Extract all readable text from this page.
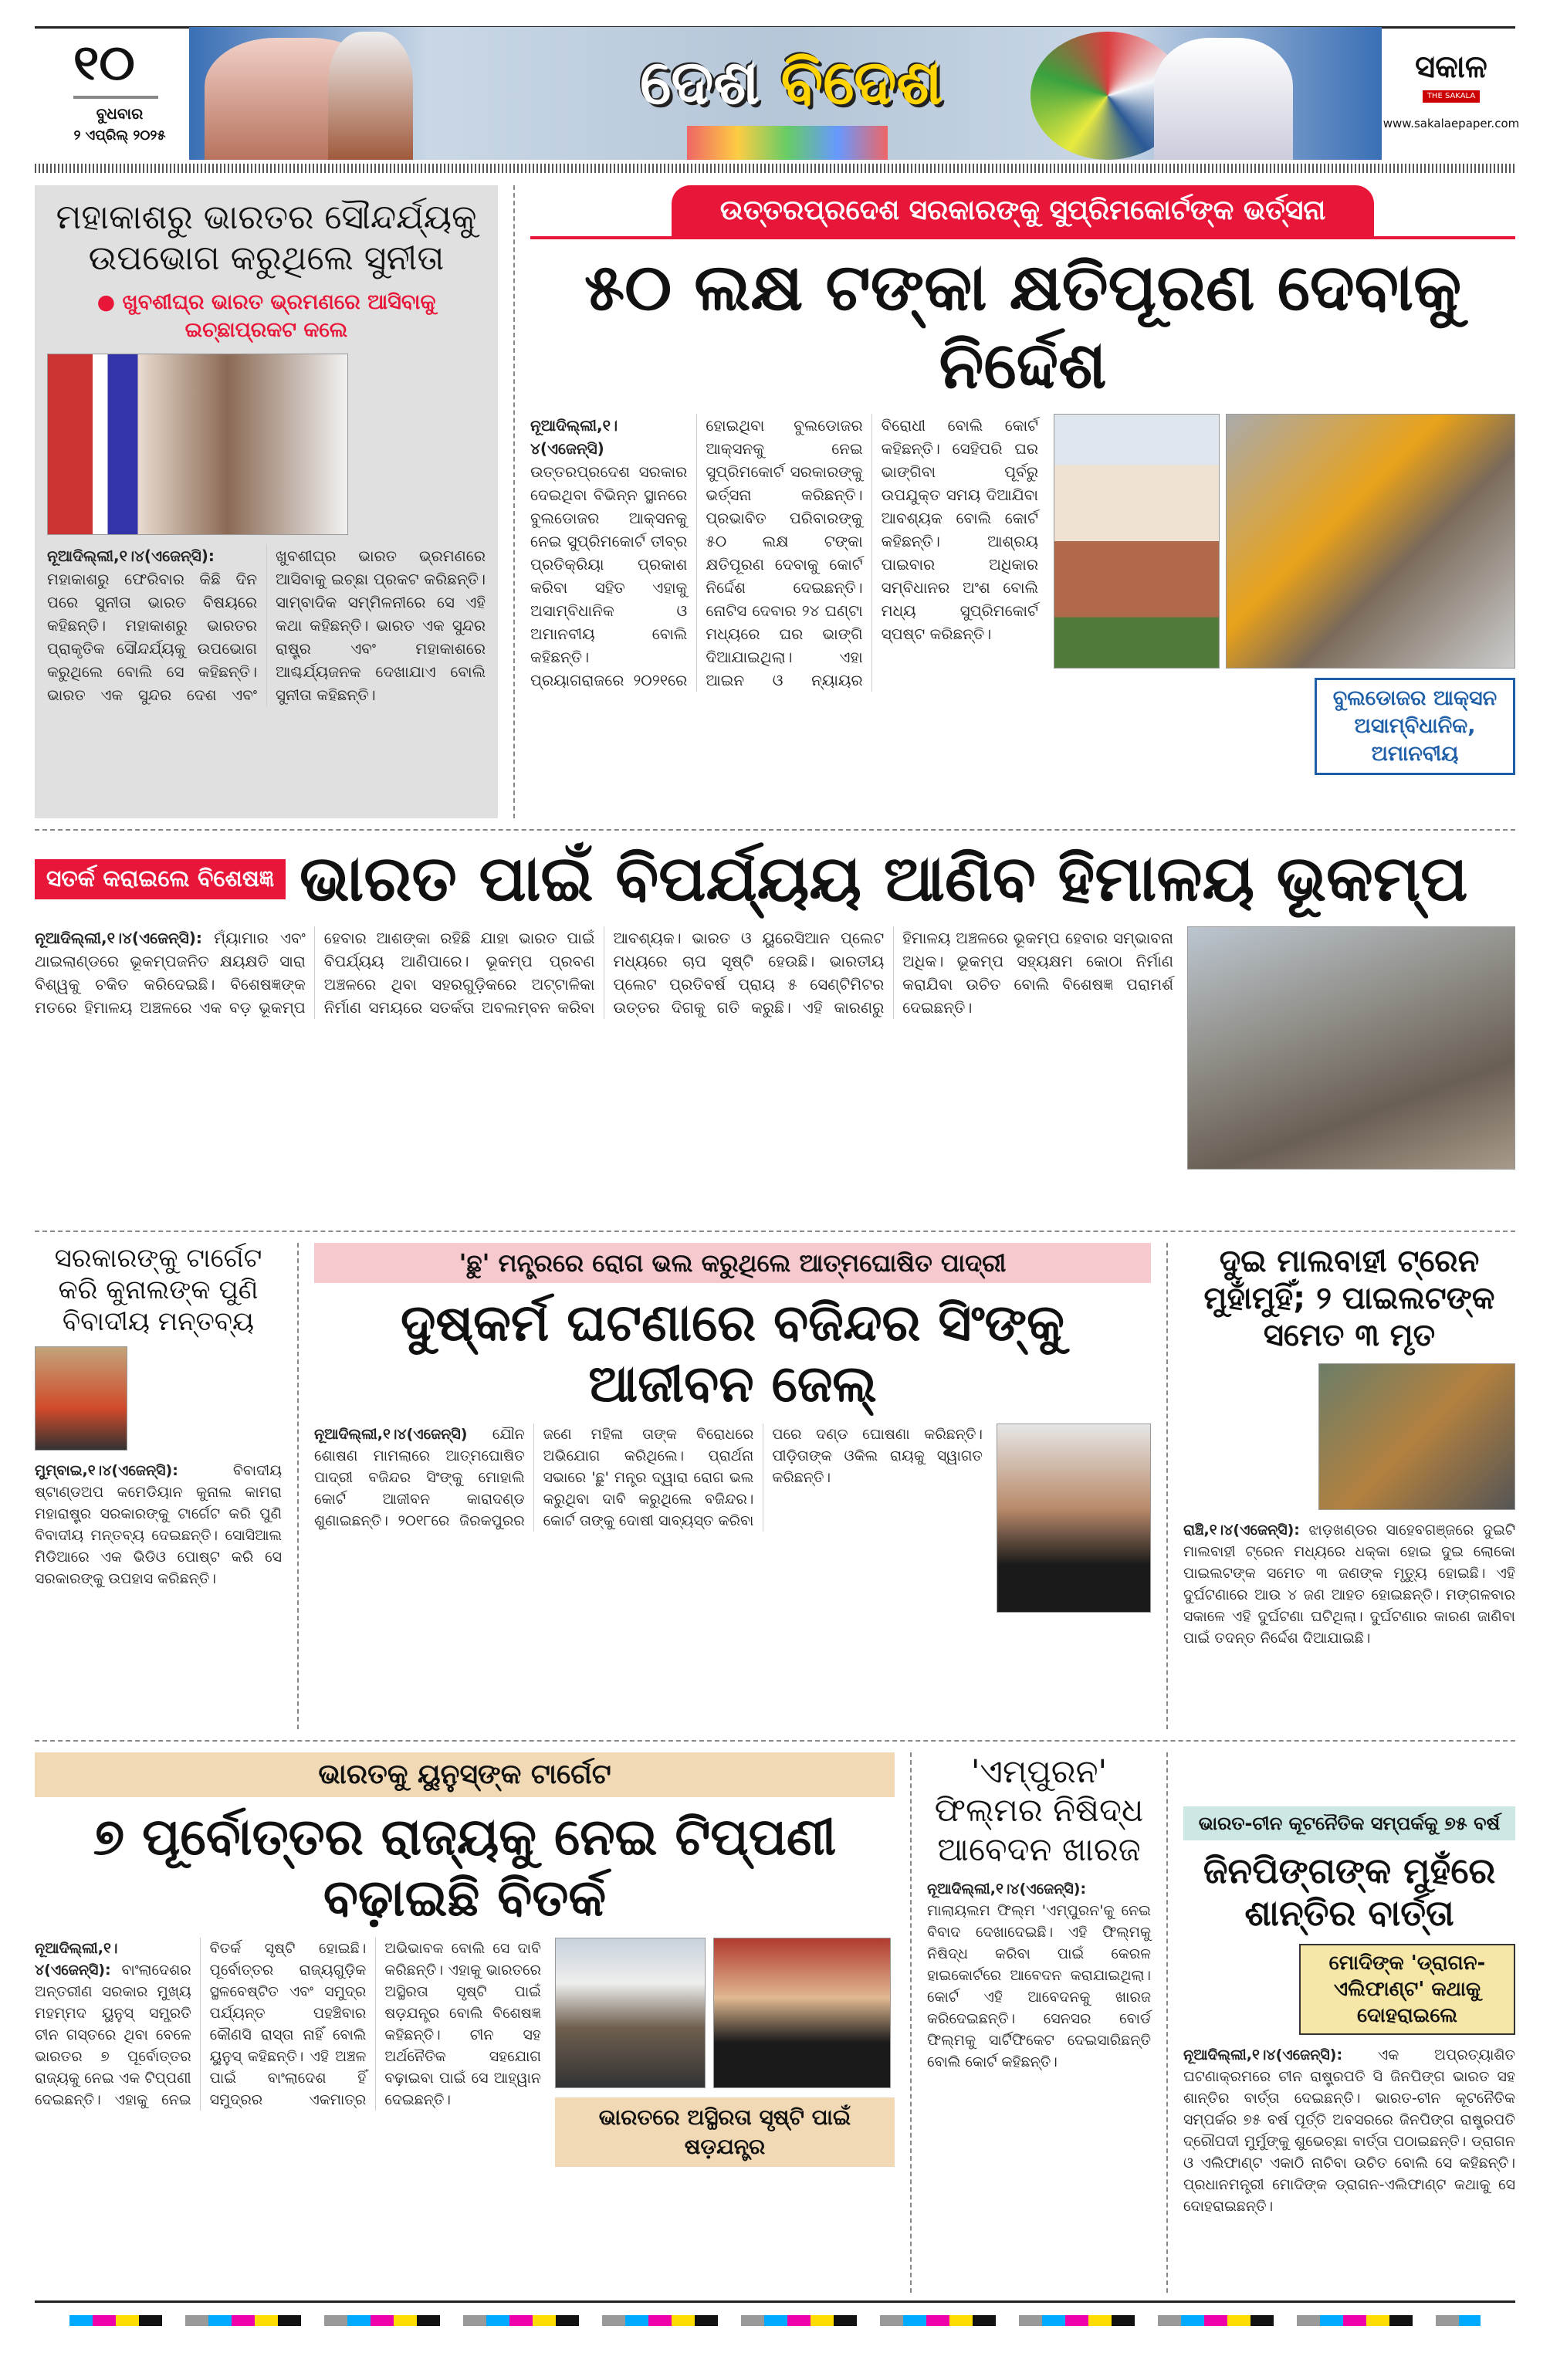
୧୦
ବୁଧବାର
୨ ଏପ୍ରିଲ୍ ୨୦୨୫
ଦେଶ ବିଦେଶ	ସକାଳ
THE SAKALA
www.sakalaepaper.com
ମହାକାଶରୁ ଭାରତର ସୌନ୍ଦର୍ଯ୍ୟକୁ ଉପଭୋଗ କରୁଥିଲେ ସୁନୀତା
● ଖୁବଶୀଘ୍ର ଭାରତ ଭ୍ରମଣରେ ଆସିବାକୁ ଇଚ୍ଛାପ୍ରକଟ କଲେ
ନୂଆଦିଲ୍ଲୀ,୧।୪(ଏଜେନ୍ସି): ମହାକାଶରୁ ଫେରିବାର କିଛି ଦିନ ପରେ ସୁନୀତା ଭାରତ ବିଷୟରେ କହିଛନ୍ତି। ମହାକାଶରୁ ଭାରତର ପ୍ରାକୃତିକ ସୌନ୍ଦର୍ଯ୍ୟକୁ ଉପଭୋଗ କରୁଥିଲେ ବୋଲି ସେ କହିଛନ୍ତି। ଭାରତ ଏକ ସୁନ୍ଦର ଦେଶ ଏବଂ ଖୁବଶୀଘ୍ର ଭାରତ ଭ୍ରମଣରେ ଆସିବାକୁ ଇଚ୍ଛା ପ୍ରକଟ କରିଛନ୍ତି। ସାମ୍ବାଦିକ ସମ୍ମିଳନୀରେ ସେ ଏହି କଥା କହିଛନ୍ତି। ଭାରତ ଏକ ସୁନ୍ଦର ରାଷ୍ଟ୍ର ଏବଂ ମହାକାଶରେ ଆଶ୍ଚର୍ଯ୍ୟଜନକ ଦେଖାଯାଏ ବୋଲି ସୁନୀତା କହିଛନ୍ତି।
ଉତ୍ତରପ୍ରଦେଶ ସରକାରଙ୍କୁ ସୁପ୍ରିମକୋର୍ଟଙ୍କ ଭର୍ତ୍ସନା
୫୦ ଲକ୍ଷ ଟଙ୍କା କ୍ଷତିପୂରଣ ଦେବାକୁ ନିର୍ଦ୍ଦେଶ
ନୂଆଦିଲ୍ଲୀ,୧।୪(ଏଜେନ୍ସି) ଉତ୍ତରପ୍ରଦେଶ ସରକାର ଦେଇଥିବା ବିଭିନ୍ନ ସ୍ଥାନରେ ବୁଲଡୋଜର ଆକ୍ସନକୁ ନେଇ ସୁପ୍ରିମକୋର୍ଟ ତୀବ୍ର ପ୍ରତିକ୍ରିୟା ପ୍ରକାଶ କରିବା ସହିତ ଏହାକୁ ଅସାମ୍ବିଧାନିକ ଓ ଅମାନବୀୟ ବୋଲି କହିଛନ୍ତି। ପ୍ରୟାଗରାଜରେ ୨୦୨୧ରେ ହୋଇଥିବା ବୁଲଡୋଜର ଆକ୍ସନକୁ ନେଇ ସୁପ୍ରିମକୋର୍ଟ ସରକାରଙ୍କୁ ଭର୍ତ୍ସନା କରିଛନ୍ତି। ପ୍ରଭାବିତ ପରିବାରଙ୍କୁ ୫୦ ଲକ୍ଷ ଟଙ୍କା କ୍ଷତିପୂରଣ ଦେବାକୁ କୋର୍ଟ ନିର୍ଦ୍ଦେଶ ଦେଇଛନ୍ତି। ନୋଟିସ ଦେବାର ୨୪ ଘଣ୍ଟା ମଧ୍ୟରେ ଘର ଭାଙ୍ଗି ଦିଆଯାଇଥିଲା। ଏହା ଆଇନ ଓ ନ୍ୟାୟର ବିରୋଧୀ ବୋଲି କୋର୍ଟ କହିଛନ୍ତି। ସେହିପରି ଘର ଭାଙ୍ଗିବା ପୂର୍ବରୁ ଉପଯୁକ୍ତ ସମୟ ଦିଆଯିବା ଆବଶ୍ୟକ ବୋଲି କୋର୍ଟ କହିଛନ୍ତି। ଆଶ୍ରୟ ପାଇବାର ଅଧିକାର ସମ୍ବିଧାନର ଅଂଶ ବୋଲି ମଧ୍ୟ ସୁପ୍ରିମକୋର୍ଟ ସ୍ପଷ୍ଟ କରିଛନ୍ତି।
ବୁଲଡୋଜର ଆକ୍ସନ ଅସାମ୍ବିଧାନିକ, ଅମାନବୀୟ
ସତର୍କ କରାଇଲେ ବିଶେଷଜ୍ଞ ଭାରତ ପାଇଁ ବିପର୍ଯ୍ୟୟ ଆଣିବ ହିମାଳୟ ଭୂକମ୍ପ
ନୂଆଦିଲ୍ଲୀ,୧।୪(ଏଜେନ୍ସି): ମ୍ୟାଁମାର ଏବଂ ଥାଇଲାଣ୍ଡରେ ଭୂକମ୍ପଜନିତ କ୍ଷୟକ୍ଷତି ସାରା ବିଶ୍ୱକୁ ଚକିତ କରିଦେଇଛି। ବିଶେଷଜ୍ଞଙ୍କ ମତରେ ହିମାଳୟ ଅଞ୍ଚଳରେ ଏକ ବଡ଼ ଭୂକମ୍ପ ହେବାର ଆଶଙ୍କା ରହିଛି ଯାହା ଭାରତ ପାଇଁ ବିପର୍ଯ୍ୟୟ ଆଣିପାରେ। ଭୂକମ୍ପ ପ୍ରବଣ ଅଞ୍ଚଳରେ ଥିବା ସହରଗୁଡ଼ିକରେ ଅଟ୍ଟାଳିକା ନିର୍ମାଣ ସମୟରେ ସତର୍କତା ଅବଲମ୍ବନ କରିବା ଆବଶ୍ୟକ। ଭାରତ ଓ ୟୁରେସିଆନ ପ୍ଲେଟ ମଧ୍ୟରେ ଚାପ ସୃଷ୍ଟି ହେଉଛି। ଭାରତୀୟ ପ୍ଲେଟ ପ୍ରତିବର୍ଷ ପ୍ରାୟ ୫ ସେଣ୍ଟିମିଟର ଉତ୍ତର ଦିଗକୁ ଗତି କରୁଛି। ଏହି କାରଣରୁ ହିମାଳୟ ଅଞ୍ଚଳରେ ଭୂକମ୍ପ ହେବାର ସମ୍ଭାବନା ଅଧିକ। ଭୂକମ୍ପ ସହ୍ୟକ୍ଷମ କୋଠା ନିର୍ମାଣ କରାଯିବା ଉଚିତ ବୋଲି ବିଶେଷଜ୍ଞ ପରାମର୍ଶ ଦେଇଛନ୍ତି।
ସରକାରଙ୍କୁ ଟାର୍ଗେଟ କରି କୁନାଲଙ୍କ ପୁଣି ବିବାଦୀୟ ମନ୍ତବ୍ୟ
ମୁମ୍ବାଇ,୧।୪(ଏଜେନ୍ସି):	ବିବାଦୀୟ ଷ୍ଟାଣ୍ଡଅପ କମେଡିୟାନ କୁନାଲ କାମରା ମହାରାଷ୍ଟ୍ର ସରକାରଙ୍କୁ ଟାର୍ଗେଟ କରି ପୁଣି ବିବାଦୀୟ ମନ୍ତବ୍ୟ ଦେଇଛନ୍ତି। ସୋସିଆଲ ମିଡିଆରେ ଏକ ଭିଡିଓ ପୋଷ୍ଟ କରି ସେ ସରକାରଙ୍କୁ ଉପହାସ କରିଛନ୍ତି।
'ଛୁ' ମନ୍ତ୍ରରେ ରୋଗ ଭଲ କରୁଥିଲେ ଆତ୍ମଘୋଷିତ ପାଦ୍ରୀ
ଦୁଷ୍କର୍ମ ଘଟଣାରେ ବଜିନ୍ଦର ସିଂଙ୍କୁ ଆଜୀବନ ଜେଲ୍
ନୂଆଦିଲ୍ଲୀ,୧।୪(ଏଜେନ୍ସି) ଯୌନ ଶୋଷଣ ମାମଲାରେ ଆତ୍ମଘୋଷିତ ପାଦ୍ରୀ ବଜିନ୍ଦର ସିଂଙ୍କୁ ମୋହାଲି କୋର୍ଟ ଆଜୀବନ କାରାଦଣ୍ଡ ଶୁଣାଇଛନ୍ତି। ୨୦୧୮ରେ ଜିରକପୁରର ଜଣେ ମହିଳା ତାଙ୍କ ବିରୋଧରେ ଅଭିଯୋଗ କରିଥିଲେ। ପ୍ରାର୍ଥନା ସଭାରେ 'ଛୁ' ମନ୍ତ୍ର ଦ୍ୱାରା ରୋଗ ଭଲ କରୁଥିବା ଦାବି କରୁଥିଲେ ବଜିନ୍ଦର। କୋର୍ଟ ତାଙ୍କୁ ଦୋଷୀ ସାବ୍ୟସ୍ତ କରିବା ପରେ ଦଣ୍ଡ ଘୋଷଣା କରିଛନ୍ତି। ପୀଡ଼ିତାଙ୍କ ଓକିଲ ରାୟକୁ ସ୍ୱାଗତ କରିଛନ୍ତି।
ଦୁଇ ମାଲବାହୀ ଟ୍ରେନ ମୁହାଁମୁହିଁ; ୨ ପାଇଲଟଙ୍କ ସମେତ ୩ ମୃତ
ରାଞ୍ଚି,୧।୪(ଏଜେନ୍ସି): ଝାଡ଼ଖଣ୍ଡର ସାହେବଗଞ୍ଜରେ ଦୁଇଟି ମାଲବାହୀ ଟ୍ରେନ ମଧ୍ୟରେ ଧକ୍କା ହୋଇ ଦୁଇ ଲୋକୋ ପାଇଲଟଙ୍କ ସମେତ ୩ ଜଣଙ୍କ ମୃତ୍ୟୁ ହୋଇଛି। ଏହି ଦୁର୍ଘଟଣାରେ ଆଉ ୪ ଜଣ ଆହତ ହୋଇଛନ୍ତି। ମଙ୍ଗଳବାର ସକାଳେ ଏହି ଦୁର୍ଘଟଣା ଘଟିଥିଲା। ଦୁର୍ଘଟଣାର କାରଣ ଜାଣିବା ପାଇଁ ତଦନ୍ତ ନିର୍ଦ୍ଦେଶ ଦିଆଯାଇଛି।
ଭାରତକୁ ୟୁନୁସ୍‌ଙ୍କ ଟାର୍ଗେଟ
୭ ପୂର୍ବୋତ୍ତର ରାଜ୍ୟକୁ ନେଇ ଟିପ୍ପଣୀ ବଢ଼ାଇଛି ବିତର୍କ
ନୂଆଦିଲ୍ଲୀ,୧।୪(ଏଜେନ୍ସି): ବାଂଲାଦେଶର ଅନ୍ତରୀଣ ସରକାର ମୁଖ୍ୟ ମହମ୍ମଦ ୟୁନୁସ୍ ସମ୍ପ୍ରତି ଚୀନ ଗସ୍ତରେ ଥିବା ବେଳେ ଭାରତର ୭ ପୂର୍ବୋତ୍ତର ରାଜ୍ୟକୁ ନେଇ ଏକ ଟିପ୍ପଣୀ ଦେଇଛନ୍ତି। ଏହାକୁ ନେଇ ବିତର୍କ ସୃଷ୍ଟି ହୋଇଛି। ପୂର୍ବୋତ୍ତର ରାଜ୍ୟଗୁଡ଼ିକ ସ୍ଥଳବେଷ୍ଟିତ ଏବଂ ସମୁଦ୍ର ପର୍ଯ୍ୟନ୍ତ ପହଞ୍ଚିବାର କୌଣସି ରାସ୍ତା ନାହିଁ ବୋଲି ୟୁନୁସ୍ କହିଛନ୍ତି। ଏହି ଅଞ୍ଚଳ ପାଇଁ ବାଂଲାଦେଶ ହିଁ ସମୁଦ୍ରର ଏକମାତ୍ର ଅଭିଭାବକ ବୋଲି ସେ ଦାବି କରିଛନ୍ତି। ଏହାକୁ ଭାରତରେ ଅସ୍ଥିରତା ସୃଷ୍ଟି ପାଇଁ ଷଡ଼ଯନ୍ତ୍ର ବୋଲି ବିଶେଷଜ୍ଞ କହିଛନ୍ତି। ଚୀନ ସହ ଅର୍ଥନୈତିକ ସହଯୋଗ ବଢ଼ାଇବା ପାଇଁ ସେ ଆହ୍ୱାନ ଦେଇଛନ୍ତି।
ଭାରତରେ ଅସ୍ଥିରତା ସୃଷ୍ଟି ପାଇଁ ଷଡ଼ଯନ୍ତ୍ର
'ଏମ୍ପୁରନ'
ଫିଲ୍ମର ନିଷିଦ୍ଧ
ଆବେଦନ ଖାରଜ
ନୂଆଦିଲ୍ଲୀ,୧।୪(ଏଜେନ୍ସି): ମାଲାୟଲମ ଫିଲ୍ମ 'ଏମ୍ପୁରନ'କୁ ନେଇ ବିବାଦ ଦେଖାଦେଇଛି। ଏହି ଫିଲ୍ମକୁ ନିଷିଦ୍ଧ କରିବା ପାଇଁ କେରଳ ହାଇକୋର୍ଟରେ ଆବେଦନ କରାଯାଇଥିଲା। କୋର୍ଟ ଏହି ଆବେଦନକୁ ଖାରଜ କରିଦେଇଛନ୍ତି। ସେନସର ବୋର୍ଡ ଫିଲ୍ମକୁ ସାର୍ଟିଫିକେଟ ଦେଇସାରିଛନ୍ତି ବୋଲି କୋର୍ଟ କହିଛନ୍ତି।
ଭାରତ-ଚୀନ କୂଟନୈତିକ ସମ୍ପର୍କକୁ ୭୫ ବର୍ଷ
ଜିନପିଙ୍ଗଙ୍କ ମୁହଁରେ ଶାନ୍ତିର ବାର୍ତ୍ତା
ମୋଦିଙ୍କ 'ଡ୍ରାଗନ-ଏଲିଫାଣ୍ଟ' କଥାକୁ ଦୋହରାଇଲେ
ନୂଆଦିଲ୍ଲୀ,୧।୪(ଏଜେନ୍ସି): ଏକ ଅପ୍ରତ୍ୟାଶିତ ଘଟଣାକ୍ରମରେ ଚୀନ ରାଷ୍ଟ୍ରପତି ସି ଜିନପିଙ୍ଗ ଭାରତ ସହ ଶାନ୍ତିର ବାର୍ତ୍ତା ଦେଇଛନ୍ତି। ଭାରତ-ଚୀନ କୂଟନୈତିକ ସମ୍ପର୍କର ୭୫ ବର୍ଷ ପୂର୍ତ୍ତି ଅବସରରେ ଜିନପିଙ୍ଗ ରାଷ୍ଟ୍ରପତି ଦ୍ରୌପଦୀ ମୁର୍ମୁଙ୍କୁ ଶୁଭେଚ୍ଛା ବାର୍ତ୍ତା ପଠାଇଛନ୍ତି। ଡ୍ରାଗନ ଓ ଏଲିଫାଣ୍ଟ ଏକାଠି ନାଚିବା ଉଚିତ ବୋଲି ସେ କହିଛନ୍ତି। ପ୍ରଧାନମନ୍ତ୍ରୀ ମୋଦିଙ୍କ ଡ୍ରାଗନ-ଏଲିଫାଣ୍ଟ କଥାକୁ ସେ ଦୋହରାଇଛନ୍ତି।
